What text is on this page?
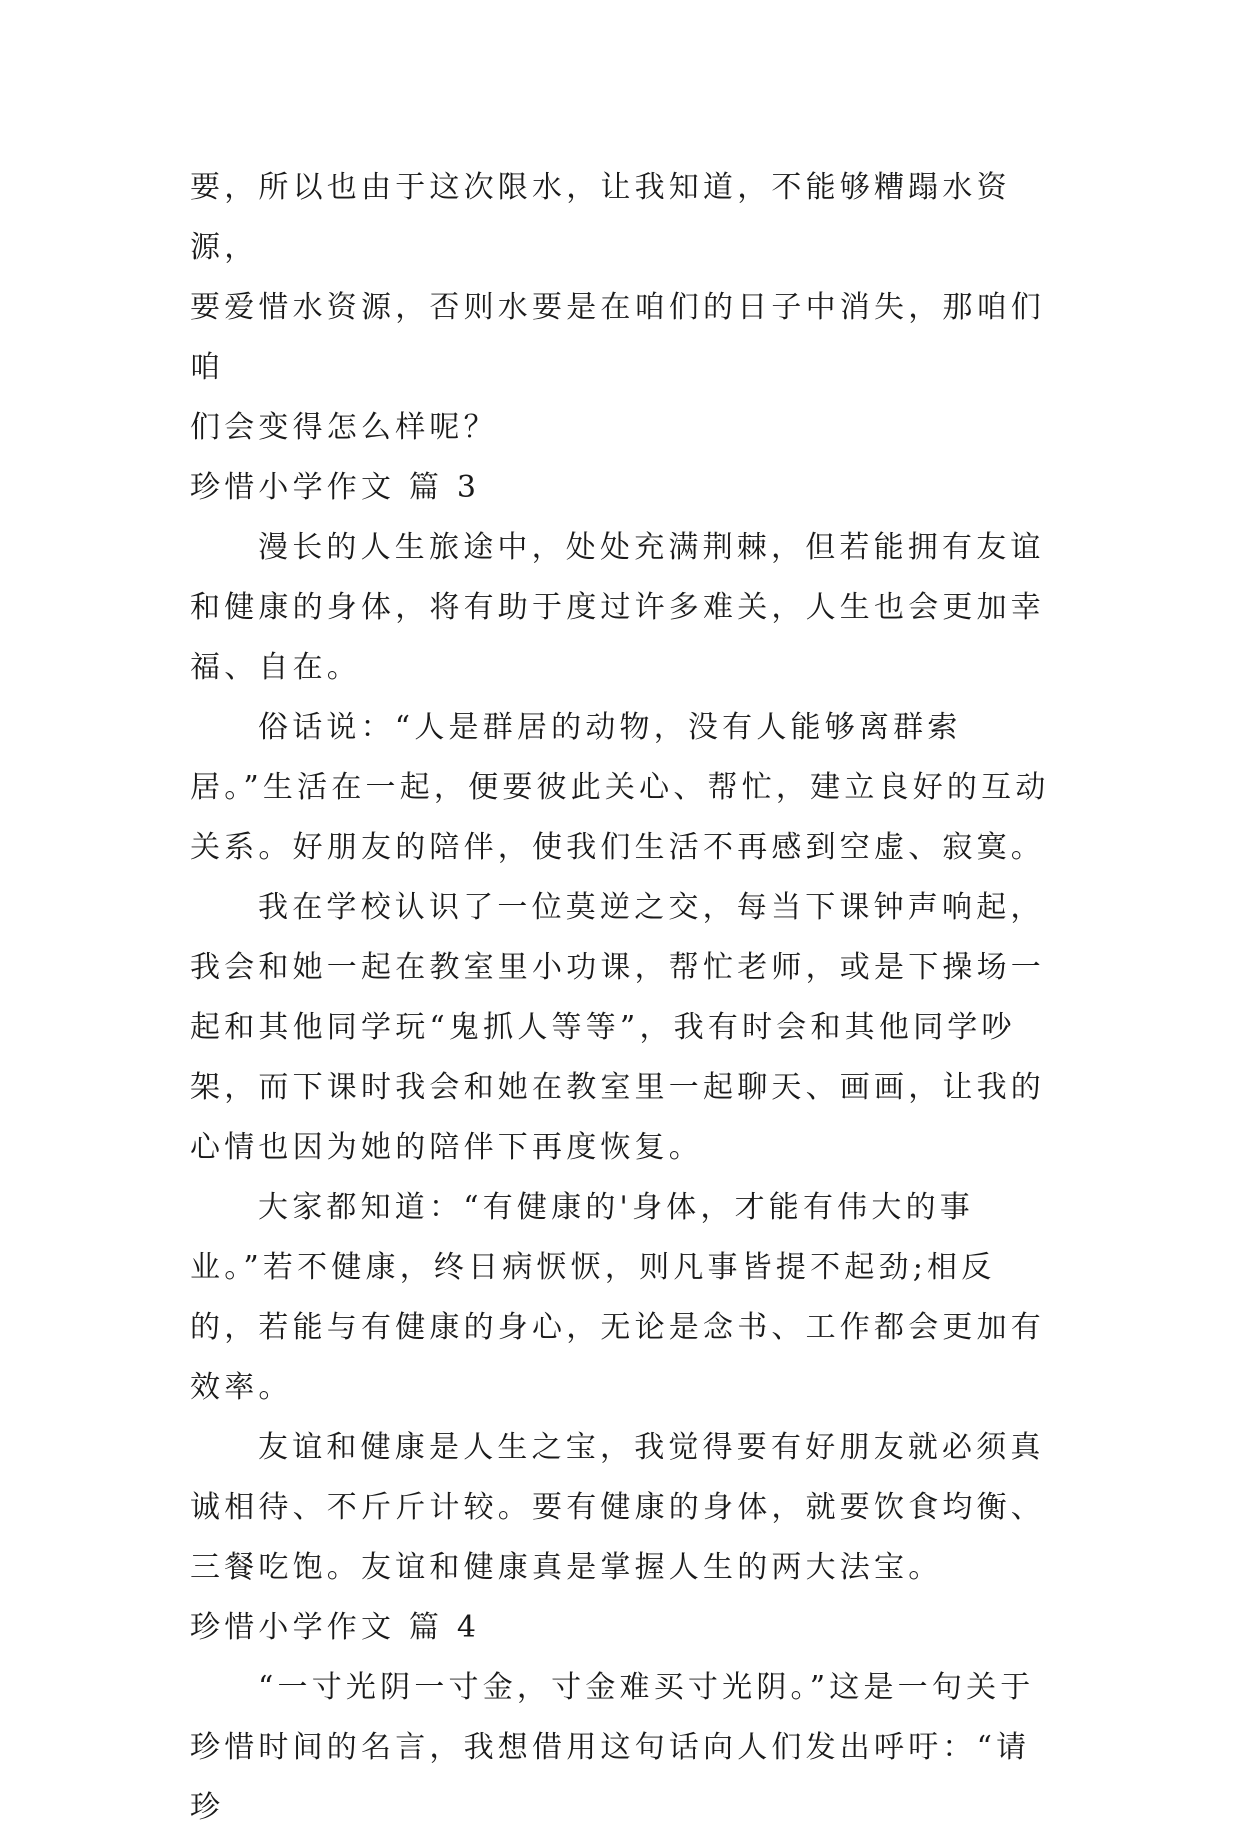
要，所以也由于这次限水，让我知道，不能够糟蹋水资源，

要爱惜水资源，否则水要是在咱们的日子中消失，那咱们咱

们会变得怎么样呢？

珍惜小学作文 篇 3

漫长的人生旅途中，处处充满荆棘，但若能拥有友谊和健康的身体，将有助于度过许多难关，人生也会更加幸福、自在。

俗话说：“人是群居的动物，没有人能够离群索居。”生活在一起，便要彼此关心、帮忙，建立良好的互动关系。好朋友的陪伴，使我们生活不再感到空虚、寂寞。

我在学校认识了一位莫逆之交，每当下课钟声响起，我会和她一起在教室里小功课，帮忙老师，或是下操场一起和其他同学玩“鬼抓人等等”，我有时会和其他同学吵架，而下课时我会和她在教室里一起聊天、画画，让我的心情也因为她的陪伴下再度恢复。

大家都知道：“有健康的'身体，才能有伟大的事业。”若不健康，终日病恹恹，则凡事皆提不起劲;相反的，若能与有健康的身心，无论是念书、工作都会更加有效率。

友谊和健康是人生之宝，我觉得要有好朋友就必须真诚相待、不斤斤计较。要有健康的身体，就要饮食均衡、三餐吃饱。友谊和健康真是掌握人生的两大法宝。

珍惜小学作文 篇 4

“一寸光阴一寸金，寸金难买寸光阴。”这是一句关于珍惜时间的名言，我想借用这句话向人们发出呼吁：“请珍
